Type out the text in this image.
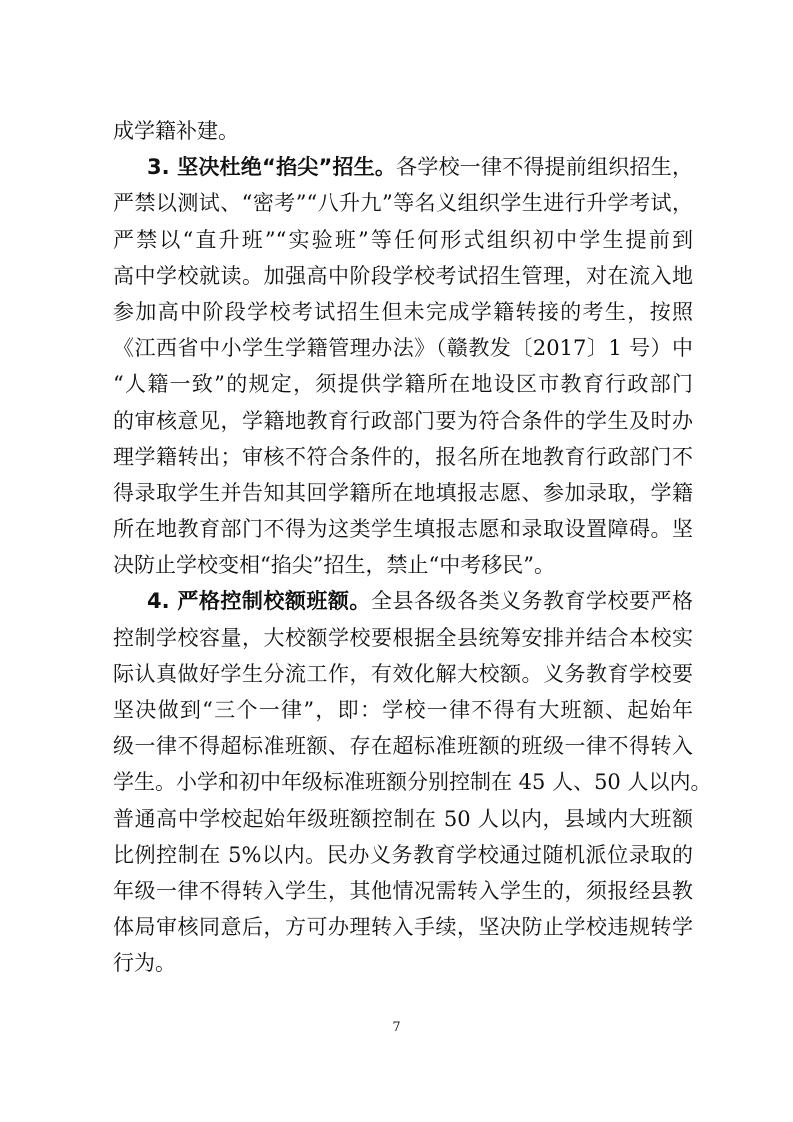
成学籍补建。
3. 坚决杜绝“掐尖”招生。各学校一律不得提前组织招生，
严禁以测试、“密考”“八升九”等名义组织学生进行升学考试，
严禁以“直升班”“实验班”等任何形式组织初中学生提前到
高中学校就读。加强高中阶段学校考试招生管理，对在流入地
参加高中阶段学校考试招生但未完成学籍转接的考生，按照
《江西省中小学生学籍管理办法》（赣教发〔2017〕1 号）中
“人籍一致”的规定，须提供学籍所在地设区市教育行政部门
的审核意见，学籍地教育行政部门要为符合条件的学生及时办
理学籍转出；审核不符合条件的，报名所在地教育行政部门不
得录取学生并告知其回学籍所在地填报志愿、参加录取，学籍
所在地教育部门不得为这类学生填报志愿和录取设置障碍。坚
决防止学校变相“掐尖”招生，禁止“中考移民”。
4. 严格控制校额班额。全县各级各类义务教育学校要严格
控制学校容量，大校额学校要根据全县统筹安排并结合本校实
际认真做好学生分流工作，有效化解大校额。义务教育学校要
坚决做到“三个一律”，即：学校一律不得有大班额、起始年
级一律不得超标准班额、存在超标准班额的班级一律不得转入
学生。小学和初中年级标准班额分别控制在 45 人、50 人以内。
普通高中学校起始年级班额控制在 50 人以内，县域内大班额
比例控制在 5%以内。民办义务教育学校通过随机派位录取的
年级一律不得转入学生，其他情况需转入学生的，须报经县教
体局审核同意后，方可办理转入手续，坚决防止学校违规转学
行为。
7
